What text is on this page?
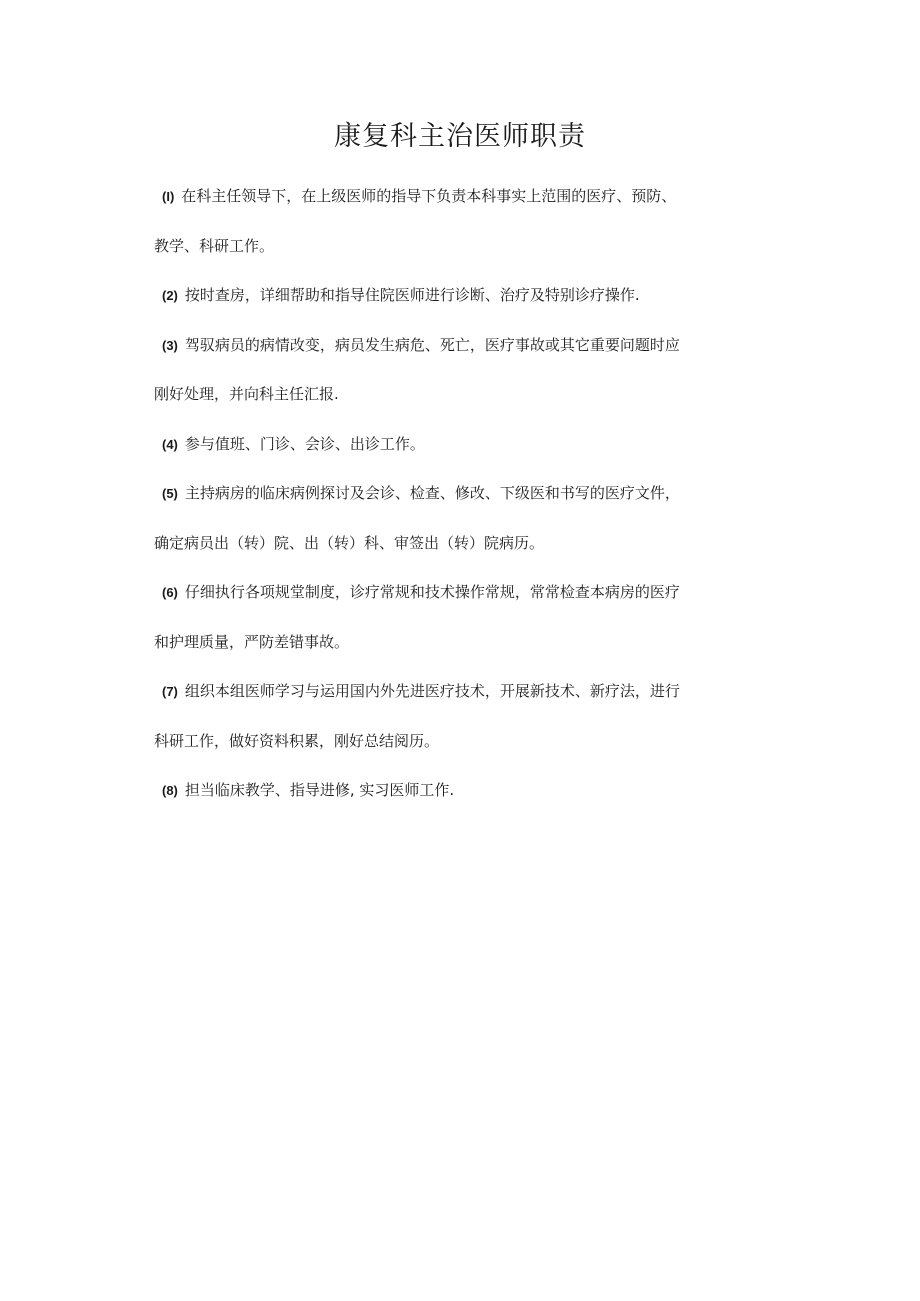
康复科主治医师职责
(I) 在科主任领导下，在上级医师的指导下负责本科事实上范围的医疗、预防、
教学、科研工作。
(2) 按时查房，详细帮助和指导住院医师进行诊断、治疗及特别诊疗操作.
(3) 驾驭病员的病情改变，病员发生病危、死亡，医疗事故或其它重要问题时应
刚好处理，并向科主任汇报.
(4) 参与值班、门诊、会诊、出诊工作。
(5) 主持病房的临床病例探讨及会诊、检查、修改、下级医和书写的医疗文件，
确定病员出（转）院、出（转）科、审签出（转）院病历。
(6) 仔细执行各项规堂制度，诊疗常规和技术操作常规，常常检查本病房的医疗
和护理质量，严防差错事故。
(7) 组织本组医师学习与运用国内外先进医疗技术，开展新技术、新疗法，进行
科研工作，做好资料积累，刚好总结阅历。
(8) 担当临床教学、指导进修, 实习医师工作.
